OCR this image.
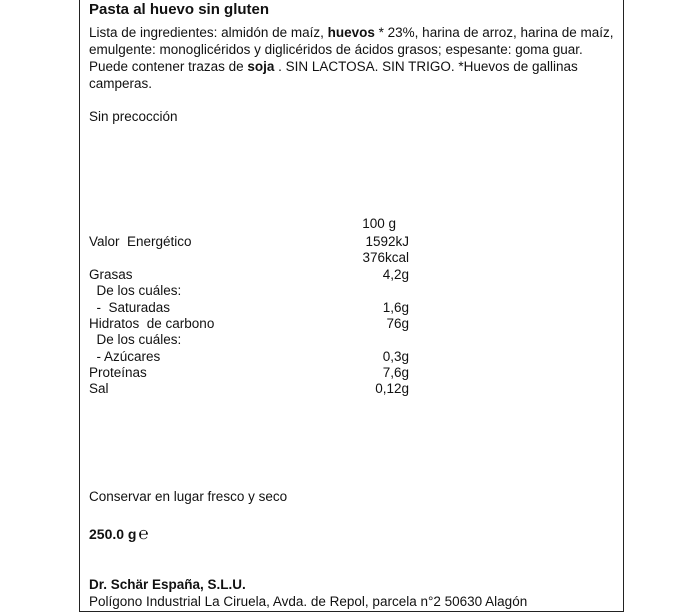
Pasta al huevo sin gluten
Lista de ingredientes: almidón de maíz, huevos * 23%, harina de arroz, harina de maíz, emulgente: monoglicéridos y diglicéridos de ácidos grasos; espesante: goma guar. Puede contener trazas de soja . SIN LACTOSA. SIN TRIGO. *Huevos de gallinas camperas.
Sin precocción
100 g
Valor  Energético	1592kJ
376kcal
Grasas	4,2g
De los cuáles:
-  Saturadas	1,6g
Hidratos  de carbono	76g
De los cuáles:
- Azúcares	0,3g
Proteínas	7,6g
Sal	0,12g
Conservar en lugar fresco y seco
250.0 g ℮
Dr. Schär España, S.L.U.
Polígono Industrial La Ciruela, Avda. de Repol, parcela n°2 50630 Alagón
